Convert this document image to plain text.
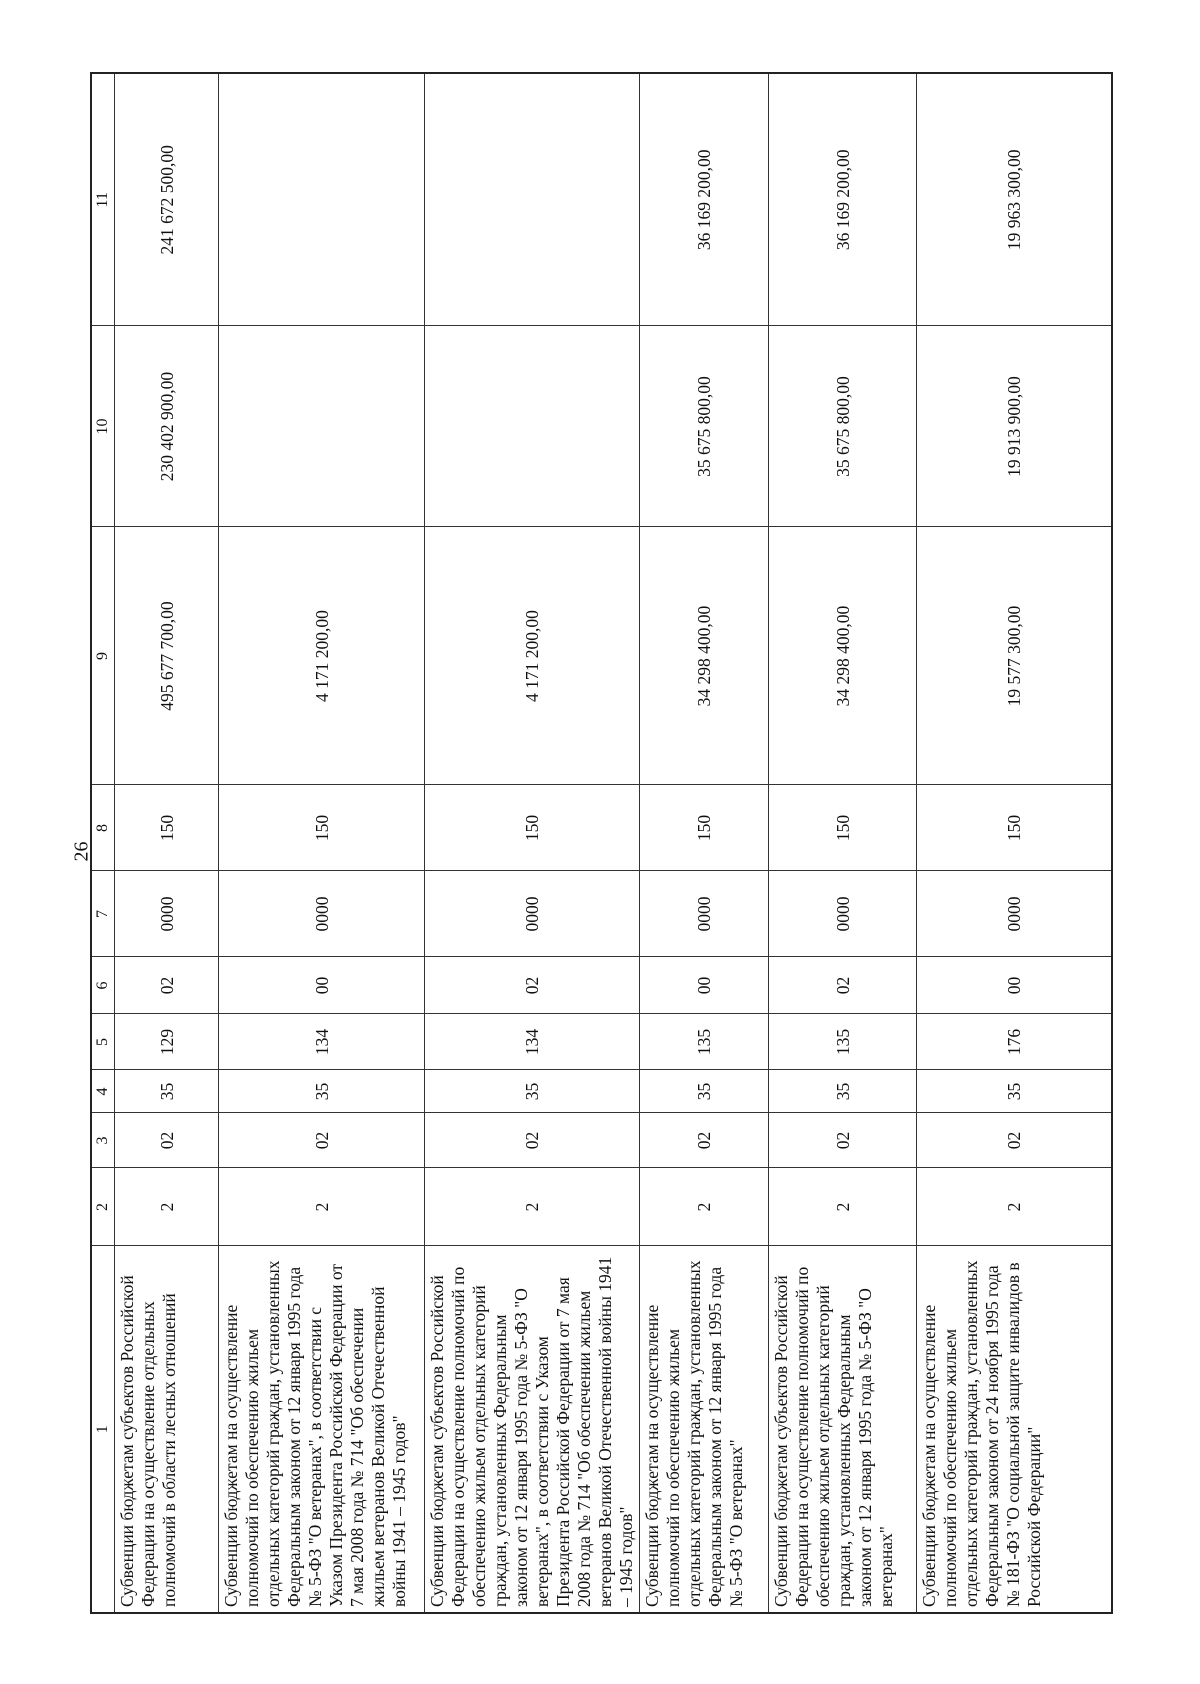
26
1	2	3	4	5	6	7	8	9	10	11
Субвенции бюджетам субъектов Российской Федерации на осуществление отдельных полномочий в области лесных отношений	2	02	35	129	02	0000	150	495 677 700,00	230 402 900,00	241 672 500,00
Субвенции бюджетам на осуществление полномочий по обеспечению жильем отдельных категорий граждан, установленных Федеральным законом от 12 января 1995 года № 5-ФЗ "О ветеранах", в соответствии с Указом Президента Российской Федерации от 7 мая 2008 года № 714 "Об обеспечении жильем ветеранов Великой Отечественной войны 1941 – 1945 годов"	2	02	35	134	00	0000	150	4 171 200,00		
Субвенции бюджетам субъектов Российской Федерации на осуществление полномочий по обеспечению жильем отдельных категорий граждан, установленных Федеральным законом от 12 января 1995 года № 5-ФЗ "О ветеранах", в соответствии с Указом Президента Российской Федерации от 7 мая 2008 года № 714 "Об обеспечении жильем ветеранов Великой Отечественной войны 1941 – 1945 годов"	2	02	35	134	02	0000	150	4 171 200,00		
Субвенции бюджетам на осуществление полномочий по обеспечению жильем отдельных категорий граждан, установленных Федеральным законом от 12 января 1995 года № 5-ФЗ "О ветеранах"	2	02	35	135	00	0000	150	34 298 400,00	35 675 800,00	36 169 200,00
Субвенции бюджетам субъектов Российской Федерации на осуществление полномочий по обеспечению жильем отдельных категорий граждан, установленных Федеральным законом от 12 января 1995 года № 5-ФЗ "О ветеранах"	2	02	35	135	02	0000	150	34 298 400,00	35 675 800,00	36 169 200,00
Субвенции бюджетам на осуществление полномочий по обеспечению жильем отдельных категорий граждан, установленных Федеральным законом от 24 ноября 1995 года № 181-ФЗ "О социальной защите инвалидов в Российской Федерации"	2	02	35	176	00	0000	150	19 577 300,00	19 913 900,00	19 963 300,00
